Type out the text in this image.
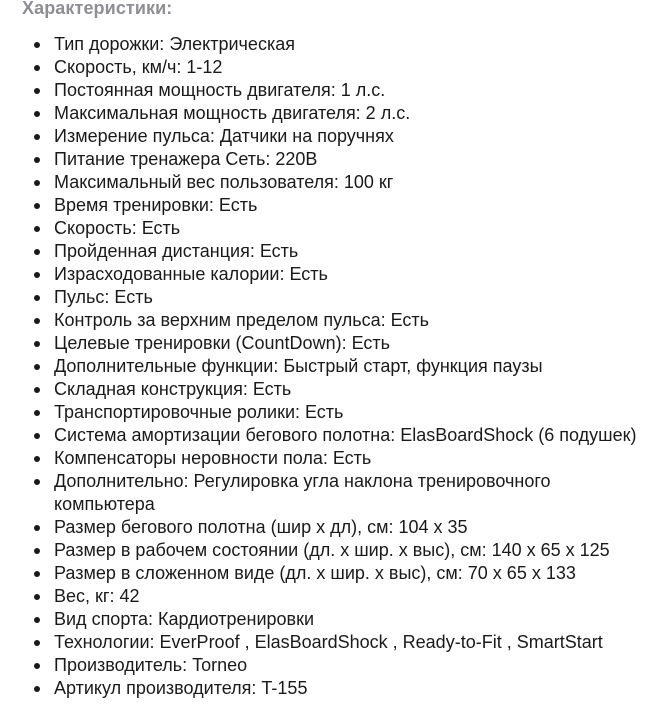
Характеристики:
Тип дорожки: Электрическая
Скорость, км/ч: 1-12
Постоянная мощность двигателя: 1 л.с.
Максимальная мощность двигателя: 2 л.с.
Измерение пульса: Датчики на поручнях
Питание тренажера Сеть: 220В
Максимальный вес пользователя: 100 кг
Время тренировки: Есть
Скорость: Есть
Пройденная дистанция: Есть
Израсходованные калории: Есть
Пульс: Есть
Контроль за верхним пределом пульса: Есть
Целевые тренировки (CountDown): Есть
Дополнительные функции: Быстрый старт, функция паузы
Складная конструкция: Есть
Транспортировочные ролики: Есть
Система амортизации бегового полотна: ElasBoardShock (6 подушек)
Компенсаторы неровности пола: Есть
Дополнительно: Регулировка угла наклона тренировочного компьютера
Размер бегового полотна (шир х дл), см: 104 х 35
Размер в рабочем состоянии (дл. х шир. х выс), см: 140 х 65 х 125
Размер в сложенном виде (дл. х шир. х выс), см: 70 х 65 х 133
Вес, кг: 42
Вид спорта: Кардиотренировки
Технологии: EverProof , ElasBoardShock , Ready-to-Fit , SmartStart
Производитель: Torneo
Артикул производителя: T-155
